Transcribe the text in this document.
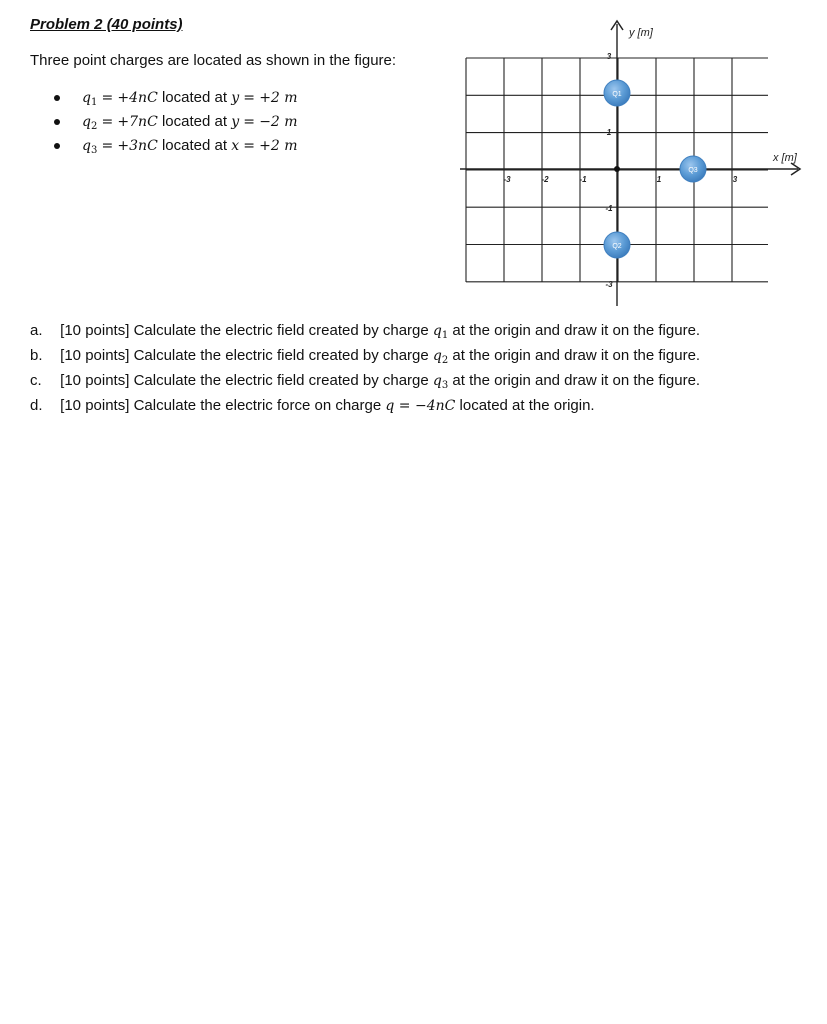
Problem 2 (40 points)
Three point charges are located as shown in the figure:
$q_1 = +4nC$ located at y = +2 m
$q_2 = +7nC$ located at y = −2 m
$q_3 = +3nC$ located at x = +2 m
y [m]
x [m]
-3	-2	-1	1	3
3
1
-1
-3
Q1
Q3
Q2
a. [10 points] Calculate the electric field created by charge $q_1$ at the origin and draw it on the figure.
b. [10 points] Calculate the electric field created by charge $q_2$ at the origin and draw it on the figure.
c. [10 points] Calculate the electric field created by charge $q_3$ at the origin and draw it on the figure.
d. [10 points] Calculate the electric force on charge q = −4nC located at the origin.
